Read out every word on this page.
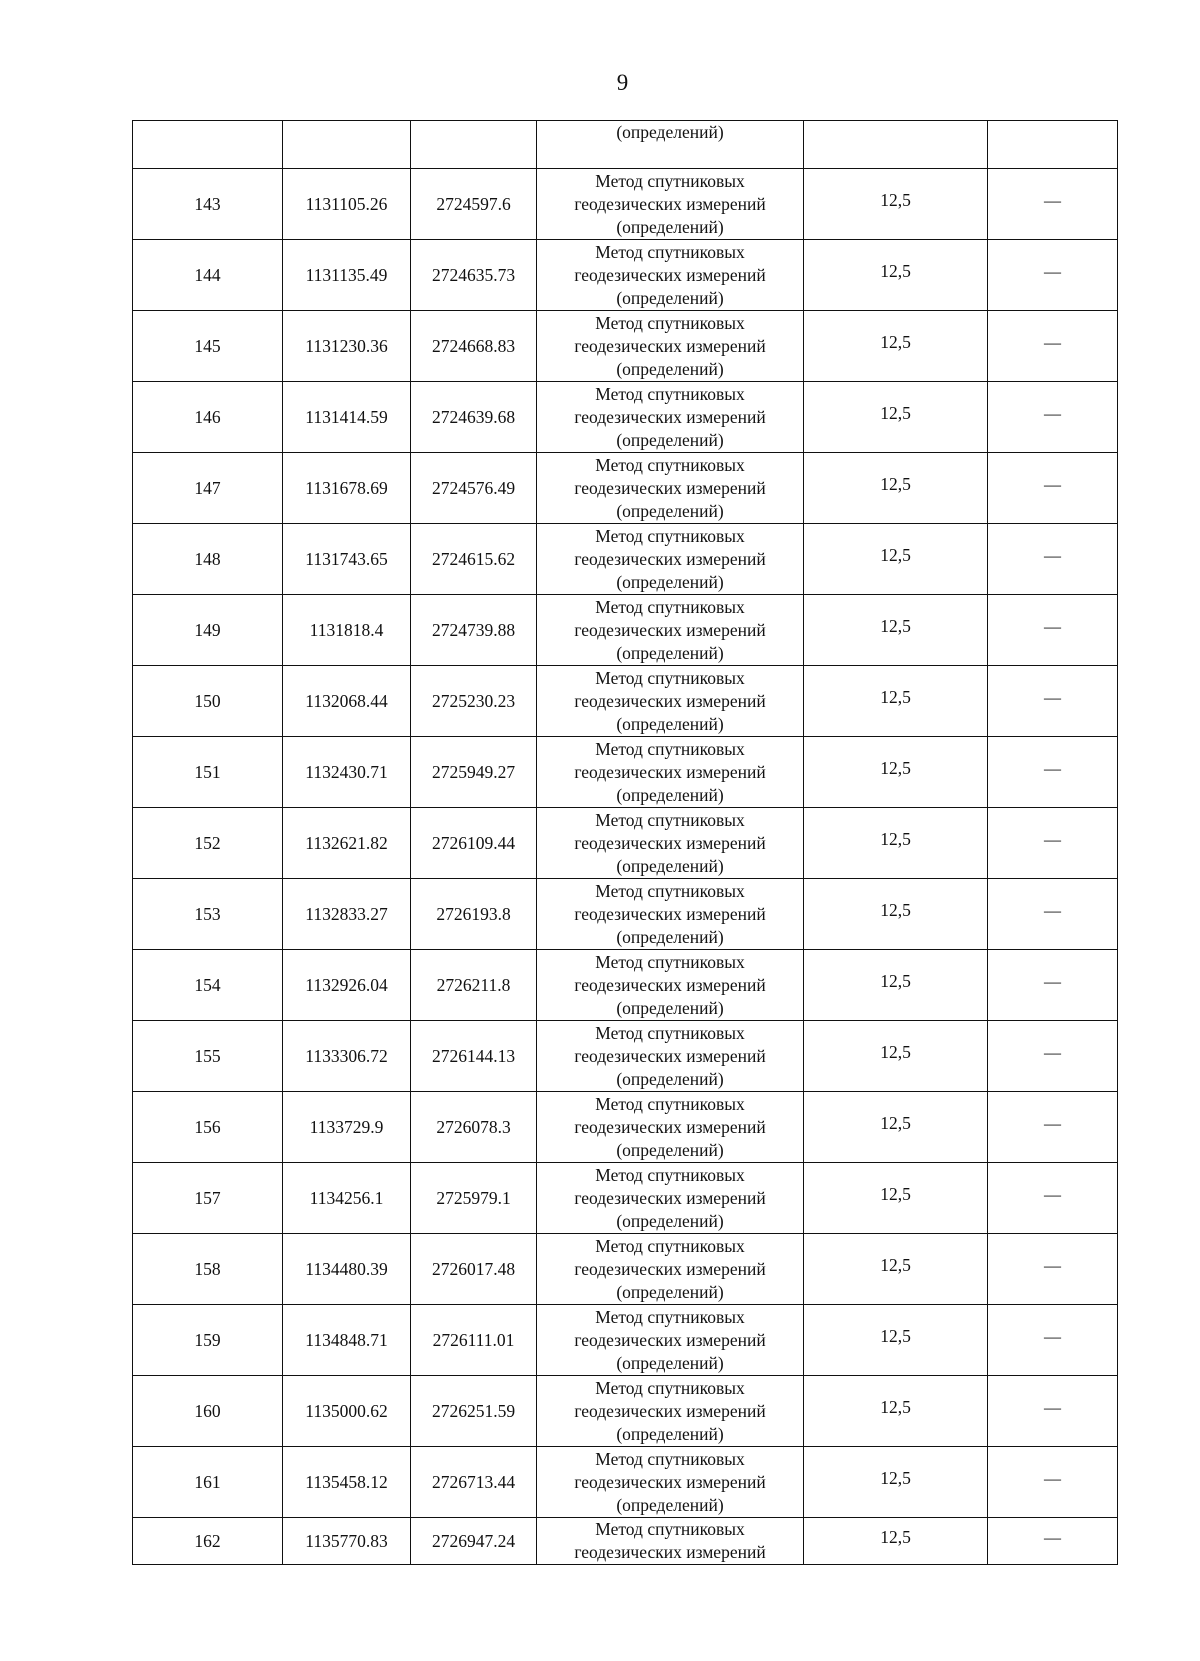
9
			(определений)		
143	1131105.26	2724597.6	Метод спутниковых
геодезических измерений
(определений)	12,5	—
144	1131135.49	2724635.73	Метод спутниковых
геодезических измерений
(определений)	12,5	—
145	1131230.36	2724668.83	Метод спутниковых
геодезических измерений
(определений)	12,5	—
146	1131414.59	2724639.68	Метод спутниковых
геодезических измерений
(определений)	12,5	—
147	1131678.69	2724576.49	Метод спутниковых
геодезических измерений
(определений)	12,5	—
148	1131743.65	2724615.62	Метод спутниковых
геодезических измерений
(определений)	12,5	—
149	1131818.4	2724739.88	Метод спутниковых
геодезических измерений
(определений)	12,5	—
150	1132068.44	2725230.23	Метод спутниковых
геодезических измерений
(определений)	12,5	—
151	1132430.71	2725949.27	Метод спутниковых
геодезических измерений
(определений)	12,5	—
152	1132621.82	2726109.44	Метод спутниковых
геодезических измерений
(определений)	12,5	—
153	1132833.27	2726193.8	Метод спутниковых
геодезических измерений
(определений)	12,5	—
154	1132926.04	2726211.8	Метод спутниковых
геодезических измерений
(определений)	12,5	—
155	1133306.72	2726144.13	Метод спутниковых
геодезических измерений
(определений)	12,5	—
156	1133729.9	2726078.3	Метод спутниковых
геодезических измерений
(определений)	12,5	—
157	1134256.1	2725979.1	Метод спутниковых
геодезических измерений
(определений)	12,5	—
158	1134480.39	2726017.48	Метод спутниковых
геодезических измерений
(определений)	12,5	—
159	1134848.71	2726111.01	Метод спутниковых
геодезических измерений
(определений)	12,5	—
160	1135000.62	2726251.59	Метод спутниковых
геодезических измерений
(определений)	12,5	—
161	1135458.12	2726713.44	Метод спутниковых
геодезических измерений
(определений)	12,5	—
162	1135770.83	2726947.24	Метод спутниковых
геодезических измерений	12,5	—
